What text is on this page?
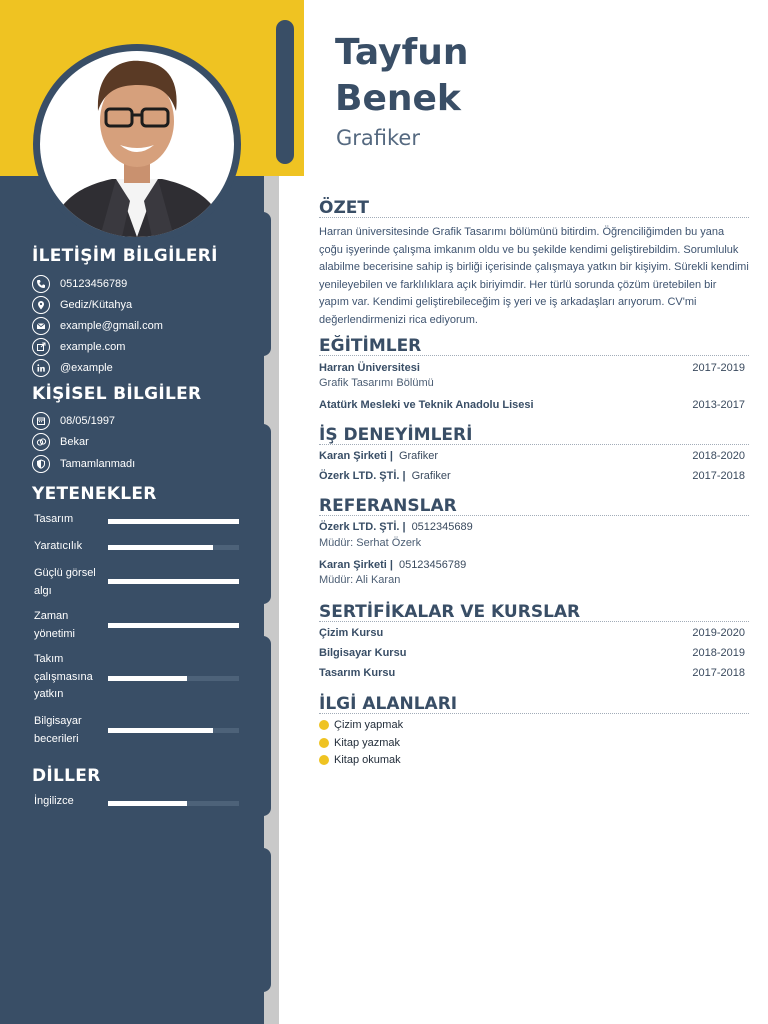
İLETİŞİM BİLGİLERİ
05123456789
Gediz/Kütahya
example@gmail.com
example.com
@example
KİŞİSEL BİLGİLER
08/05/1997
Bekar
Tamamlanmadı
YETENEKLER
Tasarım
Yaratıcılık
Güçlü görsel algı
Zaman yönetimi
Takım çalışmasına yatkın
Bilgisayar becerileri
DİLLER
İngilizce
Tayfun
Benek
Grafiker
ÖZET
Harran üniversitesinde Grafik Tasarımı bölümünü bitirdim. Öğrenciliğimden bu yana çoğu işyerinde çalışma imkanım oldu ve bu şekilde kendimi geliştirebildim. Sorumluluk alabilme becerisine sahip iş birliği içerisinde çalışmaya yatkın bir kişiyim. Sürekli kendimi yenileyebilen ve farklılıklara açık biriyimdir. Her türlü sorunda çözüm üretebilen bir yapım var. Kendimi geliştirebileceğim iş yeri ve iş arkadaşları arıyorum. CV'mi değerlendirmenizi rica ediyorum.
EĞİTİMLER
Harran Üniversitesi	2017-2019
Grafik Tasarımı Bölümü
Atatürk Mesleki ve Teknik Anadolu Lisesi	2013-2017
İŞ DENEYİMLERİ
Karan Şirketi | Grafiker	2018-2020
Özerk LTD. ŞTİ. | Grafiker	2017-2018
REFERANSLAR
Özerk LTD. ŞTİ. | 0512345689
Müdür: Serhat Özerk
Karan Şirketi | 05123456789
Müdür: Ali Karan
SERTİFİKALAR VE KURSLAR
Çizim Kursu	2019-2020
Bilgisayar Kursu	2018-2019
Tasarım Kursu	2017-2018
İLGİ ALANLARI
Çizim yapmak
Kitap yazmak
Kitap okumak
